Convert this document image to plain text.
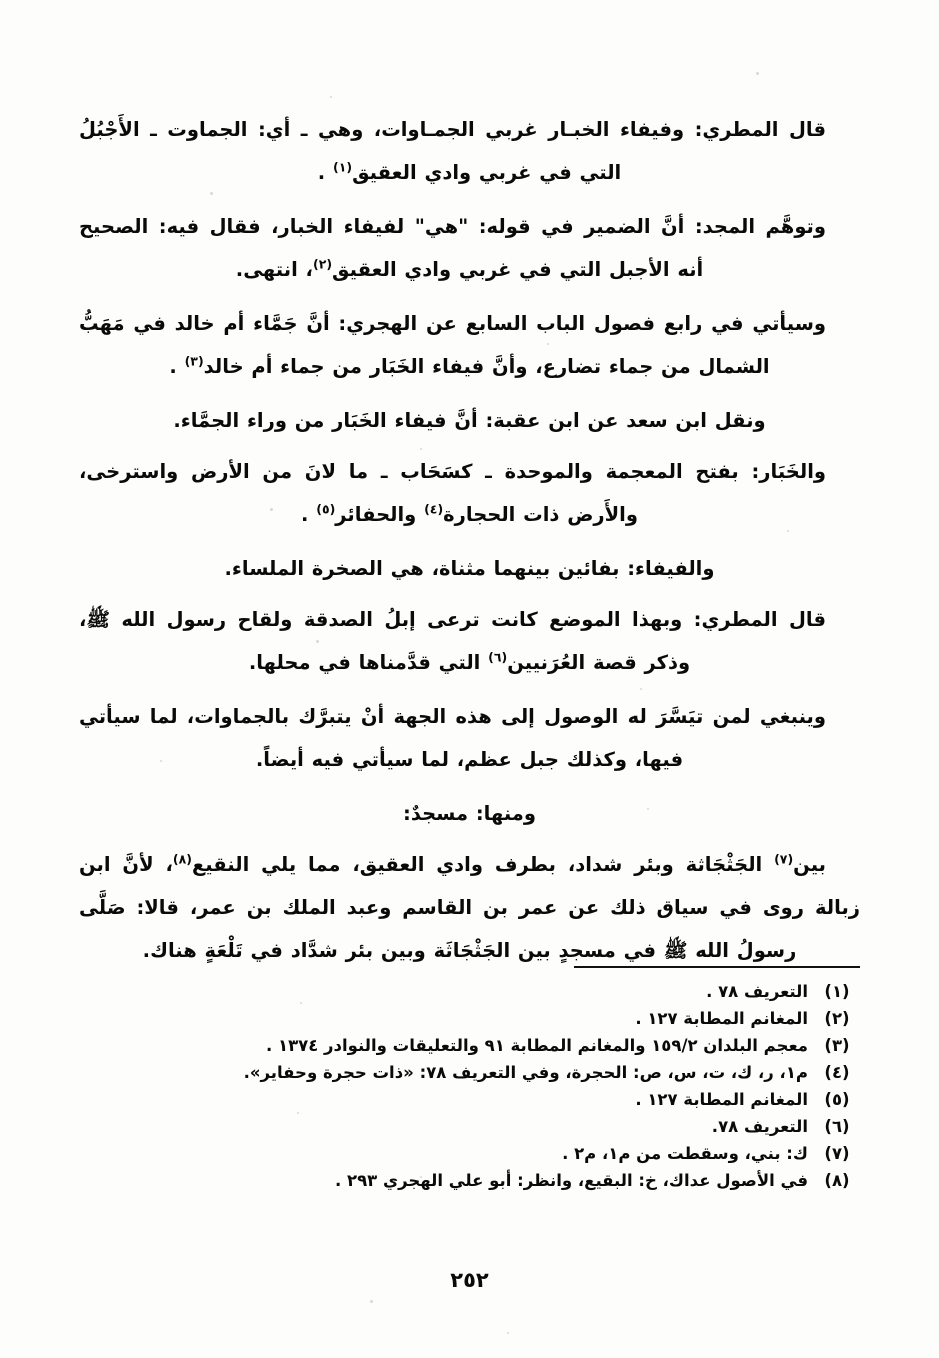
قال المطري: وفيفاء الخبـار غربي الجمـاوات، وهي ـ أي: الجماوت ـ الأَجْبُلُ التي في غربي وادي العقيق$^{(١)}$ .

وتوهَّم المجد: أنَّ الضمير في قوله: "هي" لفيفاء الخبار، فقال فيه: الصحيح أنه الأجبل التي في غربي وادي العقيق$^{(٢)}$، انتهى.

وسيأتي في رابع فصول الباب السابع عن الهجري: أنَّ جَمَّاء أم خالد في مَهَبُّ الشمال من جماء تضارع، وأنَّ فيفاء الخَبَار من جماء أم خالد$^{(٣)}$ .

ونقل ابن سعد عن ابن عقبة: أنَّ فيفاء الخَبَار من وراء الجمَّاء.

والخَبَار: بفتح المعجمة والموحدة ـ كسَحَاب ـ ما لانَ من الأرض واسترخى، والأَرض ذات الحجارة$^{(٤)}$ والحفائر$^{(٥)}$ .

والفيفاء: بفائين بينهما مثناة، هي الصخرة الملساء.

قال المطري: وبهذا الموضع كانت ترعى إبلُ الصدقة ولقاح رسول الله ﷺ، وذكر قصة العُرَنيين$^{(٦)}$ التي قدَّمناها في محلها.

وينبغي لمن تيَسَّرَ له الوصول إلى هذه الجهة أنْ يتبرَّك بالجماوات، لما سيأتي فيها، وكذلك جبل عظم، لما سيأتي فيه أيضاً.

ومنها: مسجدٌ:

بين$^{(٧)}$ الجَثْجَاثة وبئر شداد، بطرف وادي العقيق، مما يلي النقيع$^{(٨)}$، لأنَّ ابن زبالة روى في سياق ذلك عن عمر بن القاسم وعبد الملك بن عمر، قالا: صَلَّى رسولُ الله ﷺ في مسجدٍ بين الجَثْجَاثَة وبين بئر شدَّاد في تَلْعَةٍ هناك.

(١)
التعريف ٧٨ .
(٢)
المغانم المطابة ١٢٧ .
(٣)
معجم البلدان ١٥٩/٢ والمغانم المطابة ٩١ والتعليقات والنوادر ١٣٧٤ .
(٤)
م١، ر، ك، ت، س، ص: الحجرة، وفي التعريف ٧٨: «ذات حجرة وحفاير».
(٥)
المغانم المطابة ١٢٧ .
(٦)
التعريف ٧٨.
(٧)
ك: بني، وسقطت من م١، م٢ .
(٨)
في الأصول عداك، خ: البقيع، وانظر: أبو علي الهجري ٢٩٣ .
٢٥٢
